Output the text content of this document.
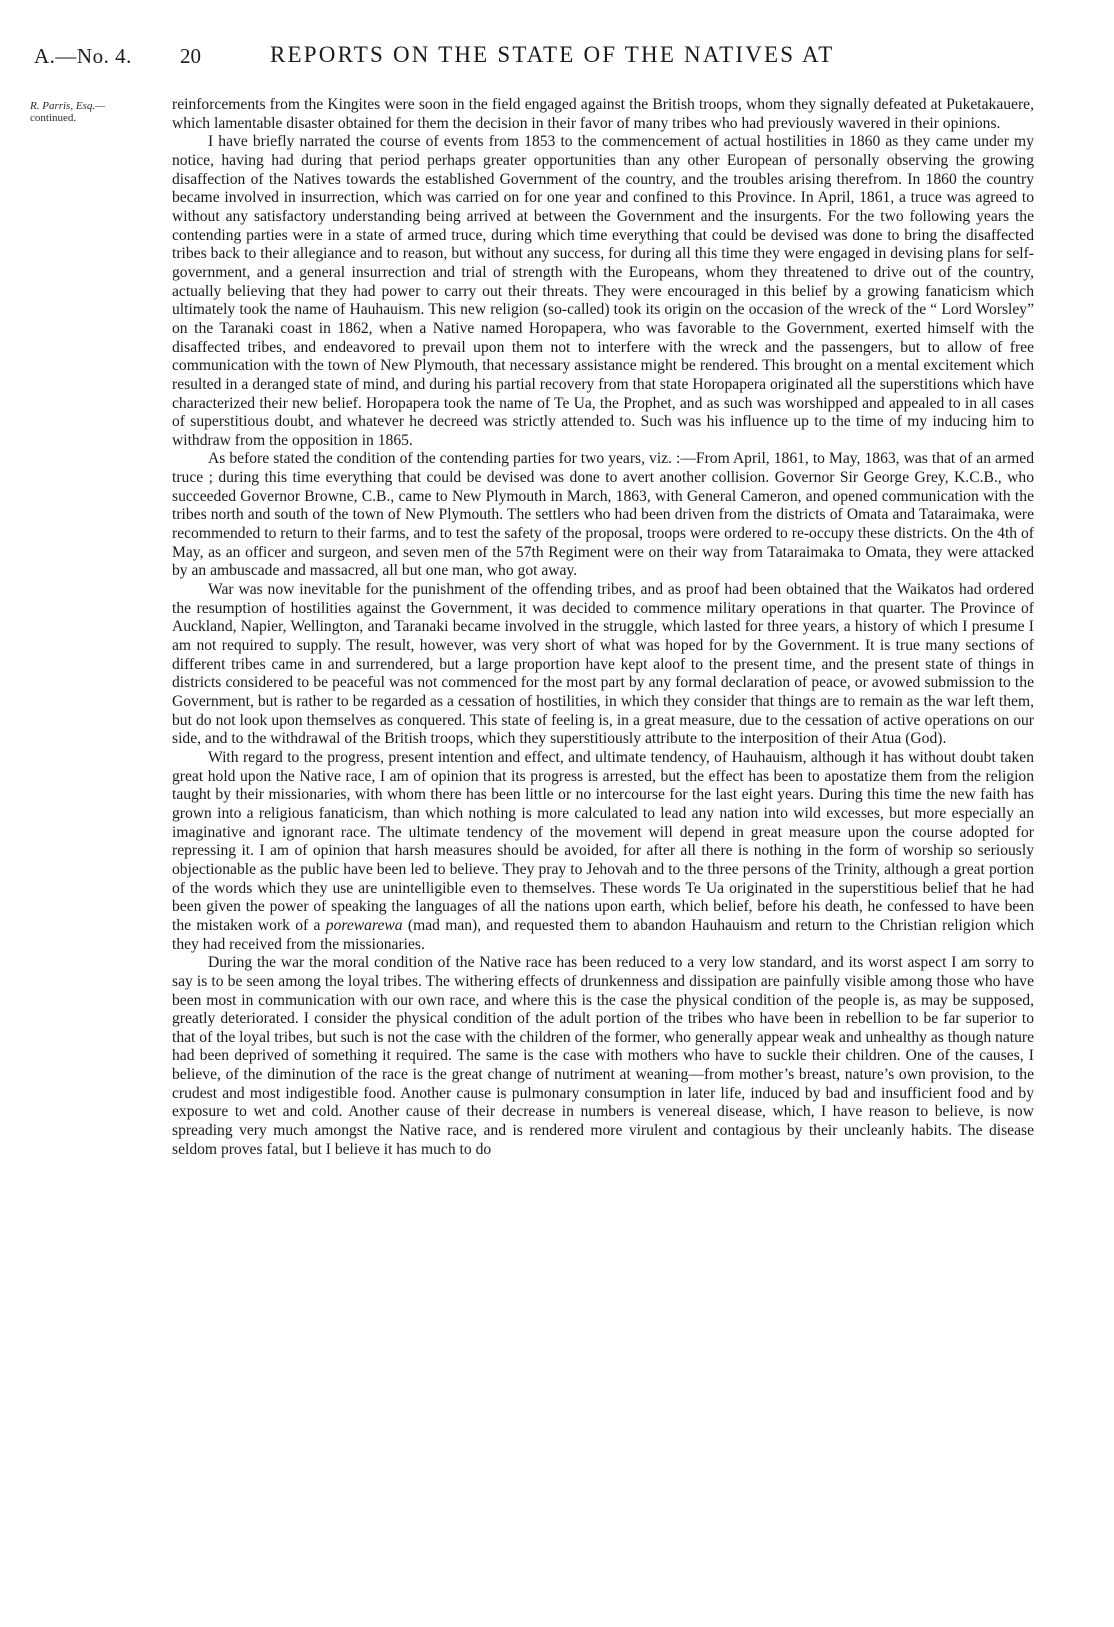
A.—No. 4. 20	REPORTS ON THE STATE OF THE NATIVES AT
R. Parris, Esq.—
continued.

reinforcements from the Kingites were soon in the field engaged against the British troops, whom they signally defeated at Puketakauere, which lamentable disaster obtained for them the decision in their favor of many tribes who had previously wavered in their opinions.

I have briefly narrated the course of events from 1853 to the commencement of actual hostilities in 1860 as they came under my notice, having had during that period perhaps greater opportunities than any other European of personally observing the growing disaffection of the Natives towards the established Government of the country, and the troubles arising therefrom. In 1860 the country became involved in insurrection, which was carried on for one year and confined to this Province. In April, 1861, a truce was agreed to without any satisfactory understanding being arrived at between the Government and the insurgents. For the two following years the contending parties were in a state of armed truce, during which time everything that could be devised was done to bring the disaffected tribes back to their allegiance and to reason, but without any success, for during all this time they were engaged in devising plans for self-government, and a general insurrection and trial of strength with the Europeans, whom they threatened to drive out of the country, actually believing that they had power to carry out their threats. They were encouraged in this belief by a growing fanaticism which ultimately took the name of Hauhauism. This new religion (so-called) took its origin on the occasion of the wreck of the “ Lord Worsley” on the Taranaki coast in 1862, when a Native named Horopapera, who was favorable to the Government, exerted himself with the disaffected tribes, and endeavored to prevail upon them not to interfere with the wreck and the passengers, but to allow of free communication with the town of New Plymouth, that necessary assistance might be rendered. This brought on a mental excitement which resulted in a deranged state of mind, and during his partial recovery from that state Horopapera originated all the superstitions which have characterized their new belief. Horopapera took the name of Te Ua, the Prophet, and as such was worshipped and appealed to in all cases of superstitious doubt, and whatever he decreed was strictly attended to. Such was his influence up to the time of my inducing him to withdraw from the opposition in 1865.

As before stated the condition of the contending parties for two years, viz. :—From April, 1861, to May, 1863, was that of an armed truce ; during this time everything that could be devised was done to avert another collision. Governor Sir George Grey, K.C.B., who succeeded Governor Browne, C.B., came to New Plymouth in March, 1863, with General Cameron, and opened communication with the tribes north and south of the town of New Plymouth. The settlers who had been driven from the districts of Omata and Tataraimaka, were recommended to return to their farms, and to test the safety of the proposal, troops were ordered to re-occupy these districts. On the 4th of May, as an officer and surgeon, and seven men of the 57th Regiment were on their way from Tataraimaka to Omata, they were attacked by an ambuscade and massacred, all but one man, who got away.

War was now inevitable for the punishment of the offending tribes, and as proof had been obtained that the Waikatos had ordered the resumption of hostilities against the Government, it was decided to commence military operations in that quarter. The Province of Auckland, Napier, Wellington, and Taranaki became involved in the struggle, which lasted for three years, a history of which I presume I am not required to supply. The result, however, was very short of what was hoped for by the Government. It is true many sections of different tribes came in and surrendered, but a large proportion have kept aloof to the present time, and the present state of things in districts considered to be peaceful was not commenced for the most part by any formal declaration of peace, or avowed submission to the Government, but is rather to be regarded as a cessation of hostilities, in which they consider that things are to remain as the war left them, but do not look upon themselves as conquered. This state of feeling is, in a great measure, due to the cessation of active operations on our side, and to the withdrawal of the British troops, which they superstitiously attribute to the interposition of their Atua (God).

With regard to the progress, present intention and effect, and ultimate tendency, of Hauhauism, although it has without doubt taken great hold upon the Native race, I am of opinion that its progress is arrested, but the effect has been to apostatize them from the religion taught by their missionaries, with whom there has been little or no intercourse for the last eight years. During this time the new faith has grown into a religious fanaticism, than which nothing is more calculated to lead any nation into wild excesses, but more especially an imaginative and ignorant race. The ultimate tendency of the movement will depend in great measure upon the course adopted for repressing it. I am of opinion that harsh measures should be avoided, for after all there is nothing in the form of worship so seriously objectionable as the public have been led to believe. They pray to Jehovah and to the three persons of the Trinity, although a great portion of the words which they use are unintelligible even to themselves. These words Te Ua originated in the superstitious belief that he had been given the power of speaking the languages of all the nations upon earth, which belief, before his death, he confessed to have been the mistaken work of a porewarewa (mad man), and requested them to abandon Hauhauism and return to the Christian religion which they had received from the missionaries.

During the war the moral condition of the Native race has been reduced to a very low standard, and its worst aspect I am sorry to say is to be seen among the loyal tribes. The withering effects of drunkenness and dissipation are painfully visible among those who have been most in communication with our own race, and where this is the case the physical condition of the people is, as may be supposed, greatly deteriorated. I consider the physical condition of the adult portion of the tribes who have been in rebellion to be far superior to that of the loyal tribes, but such is not the case with the children of the former, who generally appear weak and unhealthy as though nature had been deprived of something it required. The same is the case with mothers who have to suckle their children. One of the causes, I believe, of the diminution of the race is the great change of nutriment at weaning—from mother’s breast, nature’s own provision, to the crudest and most indigestible food. Another cause is pulmonary consumption in later life, induced by bad and insufficient food and by exposure to wet and cold. Another cause of their decrease in numbers is venereal disease, which, I have reason to believe, is now spreading very much amongst the Native race, and is rendered more virulent and contagious by their uncleanly habits. The disease seldom proves fatal, but I believe it has much to do
